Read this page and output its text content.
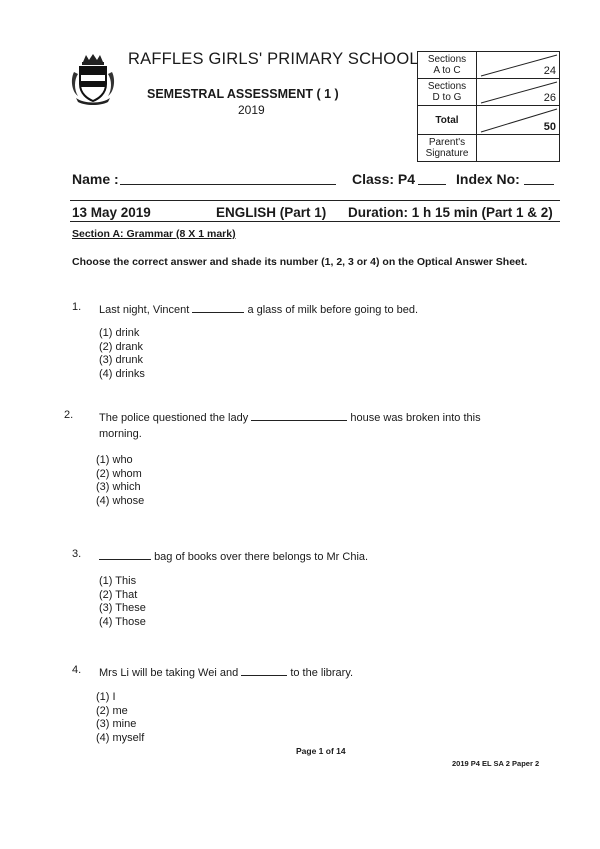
RAFFLES GIRLS' PRIMARY SCHOOL
SEMESTRAL ASSESSMENT ( 1 )
2019
Sections
A to C	24

Sections
D to G	26

Total	50

Parent's
Signature	
Name :	Class: P4	Index No:
13 May 2019	ENGLISH (Part 1) Duration: 1 h 15 min (Part 1 & 2)
Section A: Grammar (8 X 1 mark)
Choose the correct answer and shade its number (1, 2, 3 or 4) on the Optical Answer Sheet.
1. Last night, Vincent	a glass of milk before going to bed.
(1) drink
(2) drank
(3) drunk
(4) drinks
2. The police questioned the lady	house was broken into this
morning.
(1) who
(2) whom
(3) which
(4) whose
3.	bag of books over there belongs to Mr Chia.
(1) This
(2) That
(3) These
(4) Those
4. Mrs Li will be taking Wei and	to the library.
(1) I
(2) me
(3) mine
(4) myself
Page 1 of 14
2019 P4 EL SA 2 Paper 2
